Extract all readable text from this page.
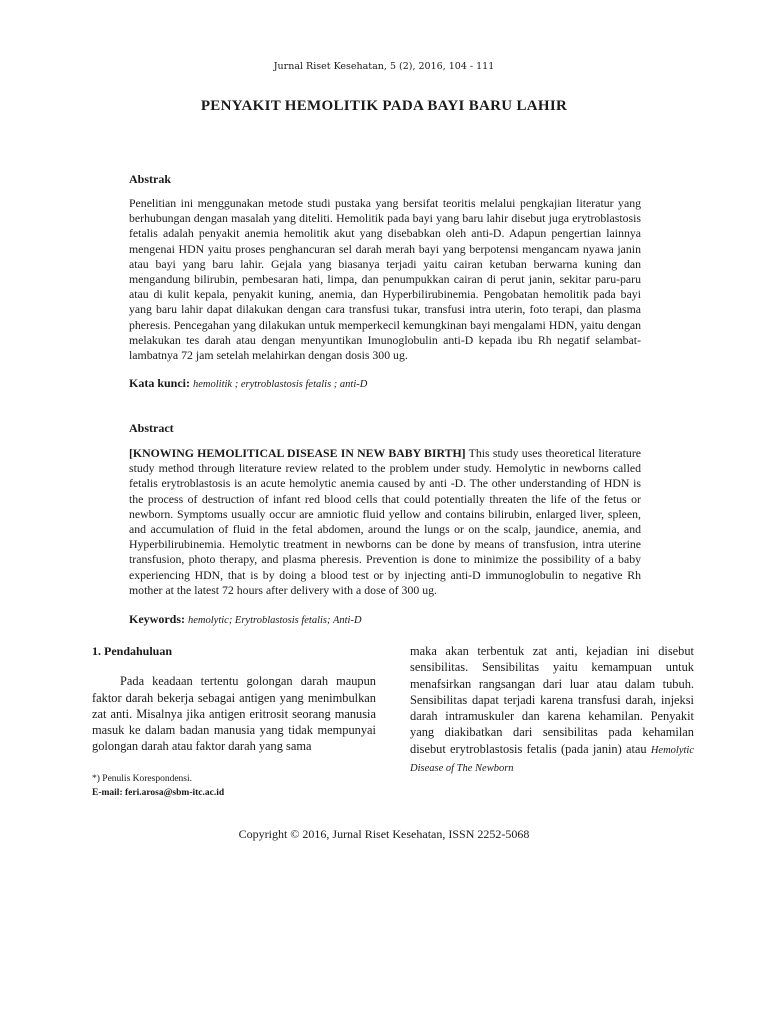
Jurnal Riset Kesehatan, 5 (2), 2016, 104 - 111
PENYAKIT HEMOLITIK PADA BAYI BARU LAHIR
Abstrak
Penelitian ini menggunakan metode studi pustaka yang bersifat teoritis melalui pengkajian literatur yang berhubungan dengan masalah yang diteliti. Hemolitik pada bayi yang baru lahir disebut juga erytroblastosis fetalis adalah penyakit anemia hemolitik akut yang disebabkan oleh anti-D. Adapun pengertian lainnya mengenai HDN yaitu proses penghancuran sel darah merah bayi yang berpotensi mengancam nyawa janin atau bayi yang baru lahir. Gejala yang biasanya terjadi yaitu cairan ketuban berwarna kuning dan mengandung bilirubin, pembesaran hati, limpa, dan penumpukkan cairan di perut janin, sekitar paru-paru atau di kulit kepala, penyakit kuning, anemia, dan Hyperbilirubinemia. Pengobatan hemolitik pada bayi yang baru lahir dapat dilakukan dengan cara transfusi tukar, transfusi intra uterin, foto terapi, dan plasma pheresis. Pencegahan yang dilakukan untuk memperkecil kemungkinan bayi mengalami HDN, yaitu dengan melakukan tes darah atau dengan menyuntikan Imunoglobulin anti-D kepada ibu Rh negatif selambat-lambatnya 72 jam setelah melahirkan dengan dosis 300 ug.
Kata kunci: hemolitik ; erytroblastosis fetalis ; anti-D
Abstract
[KNOWING HEMOLITICAL DISEASE IN NEW BABY BIRTH] This study uses theoretical literature study method through literature review related to the problem under study. Hemolytic in newborns called fetalis erytroblastosis is an acute hemolytic anemia caused by anti -D. The other understanding of HDN is the process of destruction of infant red blood cells that could potentially threaten the life of the fetus or newborn. Symptoms usually occur are amniotic fluid yellow and contains bilirubin, enlarged liver, spleen, and accumulation of fluid in the fetal abdomen, around the lungs or on the scalp, jaundice, anemia, and Hyperbilirubinemia. Hemolytic treatment in newborns can be done by means of transfusion, intra uterine transfusion, photo therapy, and plasma pheresis. Prevention is done to minimize the possibility of a baby experiencing HDN, that is by doing a blood test or by injecting anti-D immunoglobulin to negative Rh mother at the latest 72 hours after delivery with a dose of 300 ug.
Keywords: hemolytic; Erytroblastosis fetalis; Anti-D
1. Pendahuluan

Pada keadaan tertentu golongan darah maupun faktor darah bekerja sebagai antigen yang menimbulkan zat anti. Misalnya jika antigen eritrosit seorang manusia masuk ke dalam badan manusia yang tidak mempunyai golongan darah atau faktor darah yang sama

maka akan terbentuk zat anti, kejadian ini disebut sensibilitas. Sensibilitas yaitu kemampuan untuk menafsirkan rangsangan dari luar atau dalam tubuh. Sensibilitas dapat terjadi karena transfusi darah, injeksi darah intramuskuler dan karena kehamilan. Penyakit yang diakibatkan dari sensibilitas pada kehamilan disebut erytroblastosis fetalis (pada janin) atau Hemolytic Disease of The Newborn
*) Penulis Korespondensi.
E-mail: feri.arosa@sbm-itc.ac.id
Copyright © 2016, Jurnal Riset Kesehatan, ISSN 2252-5068
